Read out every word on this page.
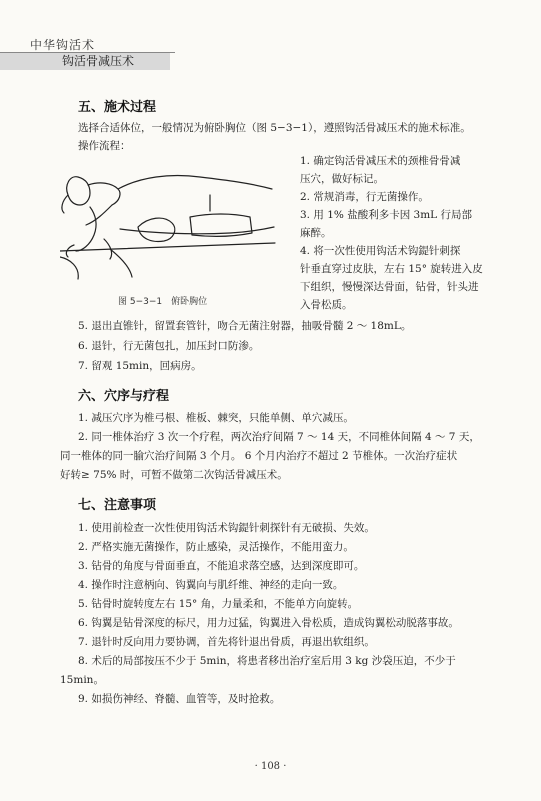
中华钩活术
钩活骨减压术
五、施术过程
选择合适体位，一般情况为俯卧胸位（图 5−3−1），遵照钩活骨减压术的施术标准。
操作流程：
图 5−3−1　俯卧胸位
1. 确定钩活骨减压术的颈椎骨骨减
压穴，做好标记。
2. 常规消毒，行无菌操作。
3. 用 1% 盐酸利多卡因 3mL 行局部
麻醉。
4. 将一次性使用钩活术钩鍉针刺探
针垂直穿过皮肤，左右 15° 旋转进入皮
下组织，慢慢深达骨面，钻骨，针头进
入骨松质。
5. 退出直锥针，留置套管针，吻合无菌注射器，抽吸骨髓 2 ～ 18mL。
6. 退针，行无菌包扎，加压封口防渗。
7. 留观 15min，回病房。
六、穴序与疗程
1. 减压穴序为椎弓根、椎板、棘突，只能单侧、单穴减压。
2. 同一椎体治疗 3 次一个疗程，两次治疗间隔 7 ～ 14 天，不同椎体间隔 4 ～ 7 天，
同一椎体的同一腧穴治疗间隔 3 个月。 6 个月内治疗不超过 2 节椎体。一次治疗症状
好转≥ 75% 时，可暂不做第二次钩活骨减压术。
七、注意事项
1. 使用前检查一次性使用钩活术钩鍉针刺探针有无破损、失效。
2. 严格实施无菌操作，防止感染，灵活操作，不能用蛮力。
3. 钻骨的角度与骨面垂直，不能追求落空感，达到深度即可。
4. 操作时注意柄向、钩翼向与肌纤维、神经的走向一致。
5. 钻骨时旋转度左右 15° 角，力量柔和，不能单方向旋转。
6. 钩翼是钻骨深度的标尺，用力过猛，钩翼进入骨松质，造成钩翼松动脱落事故。
7. 退针时反向用力要协调，首先将针退出骨质，再退出软组织。
8. 术后的局部按压不少于 5min，将患者移出治疗室后用 3 kg 沙袋压迫，不少于
15min。
9. 如损伤神经、脊髓、血管等，及时抢救。
· 108 ·
